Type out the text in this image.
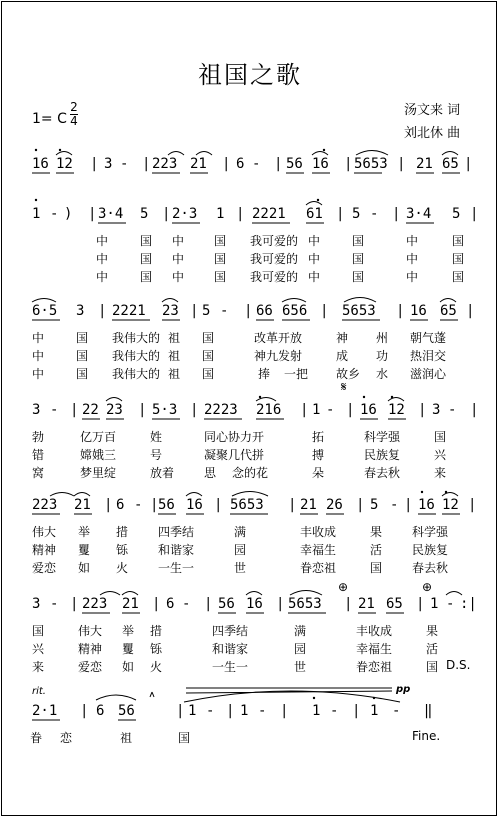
祖国之歌
汤文来 词
刘北休 曲
1= C
2
4
16 12 | 3 - | 223 21 | 6 - | 56 16 | 5653 | 21 65 |
1 - ) | 3·4 5 | 2·3 1 | 2221 61 | 5 - | 3·4 5 |
中	国 中 国 我可爱的 中	国	中	国
中	国 中 国 我可爱的 中	国	中	国
中	国 中 国 我可爱的 中	国	中	国
6·5 3 | 2221 23 | 5 - | 66 656 | 5653 | 16 65 |
中	国 我伟大的 祖 国	改革开放	神 州 朝气蓬
中	国 我伟大的 祖 国	神九发射	成 功 热泪交
中	国 我伟大的 祖 国	捧 一把 故乡 水 滋润心
3 - | 22 23 | 5·3 | 2223 216 | 1 - | 16 12 | 3 - |
勃	亿万百	姓	同心协力开	拓	科学强	国
错	嫦娥三	号	凝聚几代拼	搏	民族复	兴
窝	梦里绽	放着 思 念的花	朵	春去秋	来
223 21 | 6 - | 56 16 | 5653 | 21 26 | 5 - | 16 12 |
伟大 举 措 四季结	满	丰收成	果 科学强
精神 矍 铄 和谐家	园	幸福生	活 民族复
爱恋 如 火 一生一	世	眷恋祖	国 春去秋
3 - | 223 21 | 6 - | 56 16 | 5653 | 21 65 | 1 - :|
国	伟大 举 措	四季结	满	丰收成	果
兴	精神 矍 铄	和谐家	园	幸福生	活
来	爱恋 如 火	一生一	世	眷恋祖	国 D.S.
rit.	pp
2·1 | 6 56	| 1 - | 1 - | 1 - | 1 - ‖
眷 恋	祖	国	Fine.
𝄋
⊕	⊕
